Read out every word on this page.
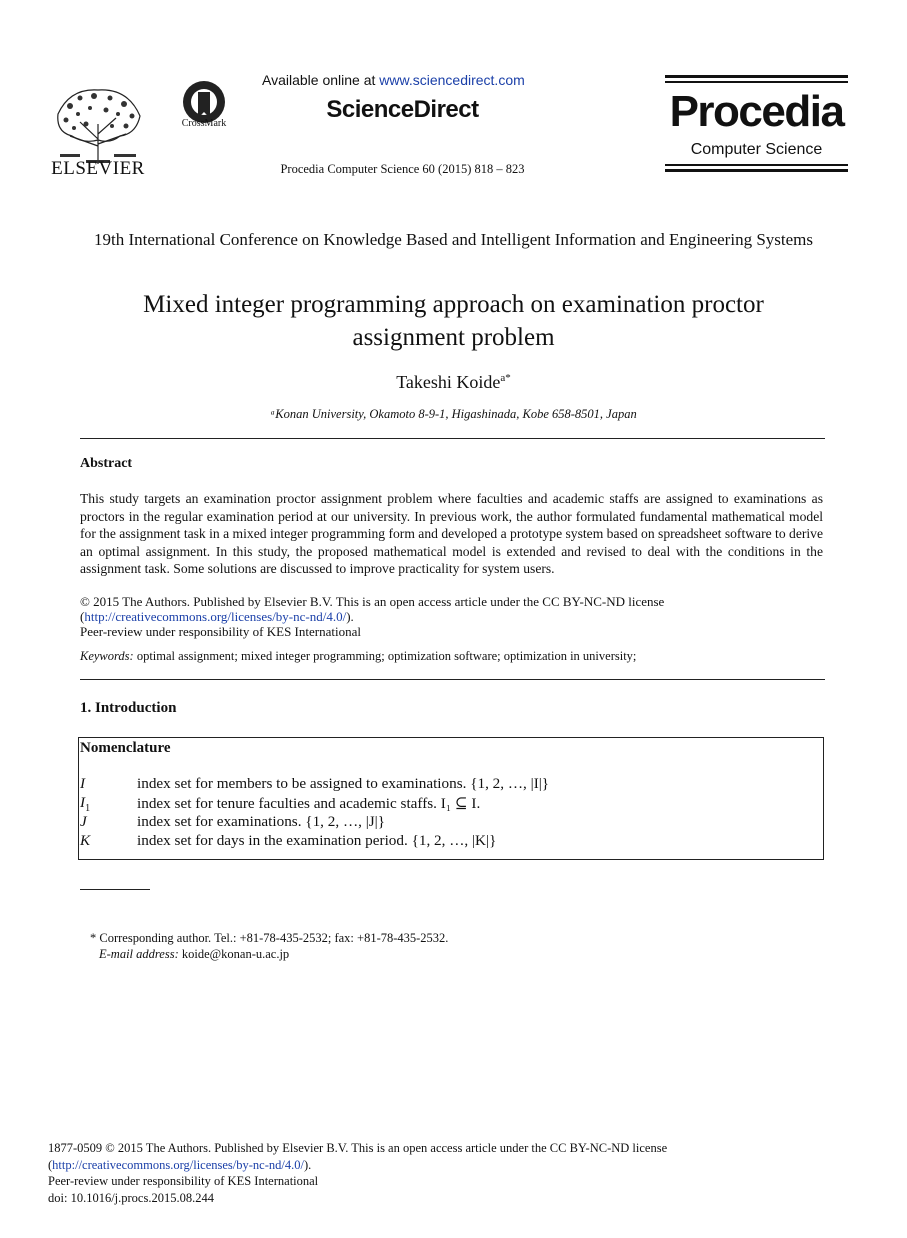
ELSEVIER
CrossMark
Available online at www.sciencedirect.com
ScienceDirect
Procedia Computer Science 60 (2015) 818 – 823
Procedia
Computer Science
19th International Conference on Knowledge Based and Intelligent Information and Engineering Systems
Mixed integer programming approach on examination proctor
assignment problem
Takeshi Koide$^{a*}$
ᵃKonan University, Okamoto 8-9-1, Higashinada, Kobe 658-8501, Japan
Abstract
This study targets an examination proctor assignment problem where faculties and academic staffs are assigned to examinations as proctors in the regular examination period at our university. In previous work, the author formulated fundamental mathematical model for the assignment task in a mixed integer programming form and developed a prototype system based on spreadsheet software to derive an optimal assignment. In this study, the proposed mathematical model is extended and revised to deal with the conditions in the assignment task. Some solutions are discussed to improve practicality for system users.
© 2015 The Authors. Published by Elsevier B.V. This is an open access article under the CC BY-NC-ND license
(http://creativecommons.org/licenses/by-nc-nd/4.0/).
Peer-review under responsibility of KES International
Keywords: optimal assignment; mixed integer programming; optimization software; optimization in university;
1. Introduction
Nomenclature
I	index set for members to be assigned to examinations. {1, 2, …, |I|}
$I_1$	index set for tenure faculties and academic staffs. I₁ ⊆ I.
J	index set for examinations. {1, 2, …, |J|}
K	index set for days in the examination period. {1, 2, …, |K|}
* Corresponding author. Tel.: +81-78-435-2532; fax: +81-78-435-2532.
E-mail address: koide@konan-u.ac.jp
1877-0509 © 2015 The Authors. Published by Elsevier B.V. This is an open access article under the CC BY-NC-ND license
(http://creativecommons.org/licenses/by-nc-nd/4.0/).
Peer-review under responsibility of KES International
doi: 10.1016/j.procs.2015.08.244
